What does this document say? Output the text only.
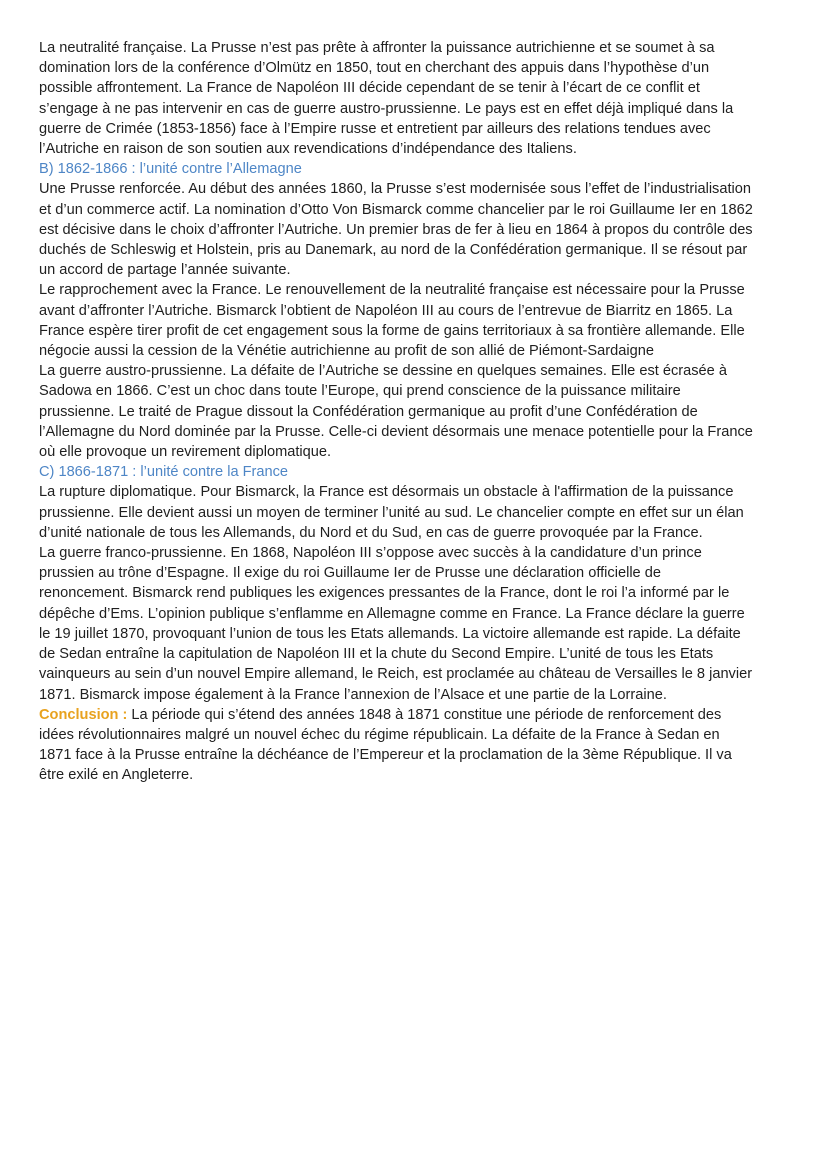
La neutralité française. La Prusse n’est pas prête à affronter la puissance autrichienne et se soumet à sa
domination lors de la conférence d’Olmütz en 1850, tout en cherchant des appuis dans l’hypothèse d’un
possible affrontement. La France de Napoléon III décide cependant de se tenir à l’écart de ce conflit et
s’engage à ne pas intervenir en cas de guerre austro-prussienne. Le pays est en effet déjà impliqué dans la
guerre de Crimée (1853-1856) face à l’Empire russe et entretient par ailleurs des relations tendues avec
l’Autriche en raison de son soutien aux revendications d’indépendance des Italiens.

B) 1862-1866 : l’unité contre l’Allemagne

Une Prusse renforcée. Au début des années 1860, la Prusse s’est modernisée sous l’effet de l’industrialisation
et d’un commerce actif. La nomination d’Otto Von Bismarck comme chancelier par le roi Guillaume Ier en 1862
est décisive dans le choix d’affronter l’Autriche. Un premier bras de fer à lieu en 1864 à propos du contrôle des
duchés de Schleswig et Holstein, pris au Danemark, au nord de la Confédération germanique. Il se résout par
un accord de partage l’année suivante.
Le rapprochement avec la France. Le renouvellement de la neutralité française est nécessaire pour la Prusse
avant d’affronter l’Autriche. Bismarck l’obtient de Napoléon III au cours de l’entrevue de Biarritz en 1865. La
France espère tirer profit de cet engagement sous la forme de gains territoriaux à sa frontière allemande. Elle
négocie aussi la cession de la Vénétie autrichienne au profit de son allié de Piémont-Sardaigne
La guerre austro-prussienne. La défaite de l’Autriche se dessine en quelques semaines. Elle est écrasée à
Sadowa en 1866. C’est un choc dans toute l’Europe, qui prend conscience de la puissance militaire
prussienne. Le traité de Prague dissout la Confédération germanique au profit d’une Confédération de
l’Allemagne du Nord dominée par la Prusse. Celle-ci devient désormais une menace potentielle pour la France
où elle provoque un revirement diplomatique.

C) 1866-1871 : l’unité contre la France

La rupture diplomatique. Pour Bismarck, la France est désormais un obstacle à l'affirmation de la puissance
prussienne. Elle devient aussi un moyen de terminer l’unité au sud. Le chancelier compte en effet sur un élan
d’unité nationale de tous les Allemands, du Nord et du Sud, en cas de guerre provoquée par la France.
La guerre franco-prussienne. En 1868, Napoléon III s’oppose avec succès à la candidature d’un prince
prussien au trône d’Espagne. Il exige du roi Guillaume Ier de Prusse une déclaration officielle de
renoncement. Bismarck rend publiques les exigences pressantes de la France, dont le roi l’a informé par le
dépêche d’Ems. L’opinion publique s’enflamme en Allemagne comme en France. La France déclare la guerre
le 19 juillet 1870, provoquant l’union de tous les Etats allemands. La victoire allemande est rapide. La défaite
de Sedan entraîne la capitulation de Napoléon III et la chute du Second Empire. L’unité de tous les Etats
vainqueurs au sein d’un nouvel Empire allemand, le Reich, est proclamée au château de Versailles le 8 janvier
1871. Bismarck impose également à la France l’annexion de l’Alsace et une partie de la Lorraine.

Conclusion : La période qui s’étend des années 1848 à 1871 constitue une période de renforcement des
idées révolutionnaires malgré un nouvel échec du régime républicain. La défaite de la France à Sedan en
1871 face à la Prusse entraîne la déchéance de l’Empereur et la proclamation de la 3ème République. Il va
être exilé en Angleterre.
